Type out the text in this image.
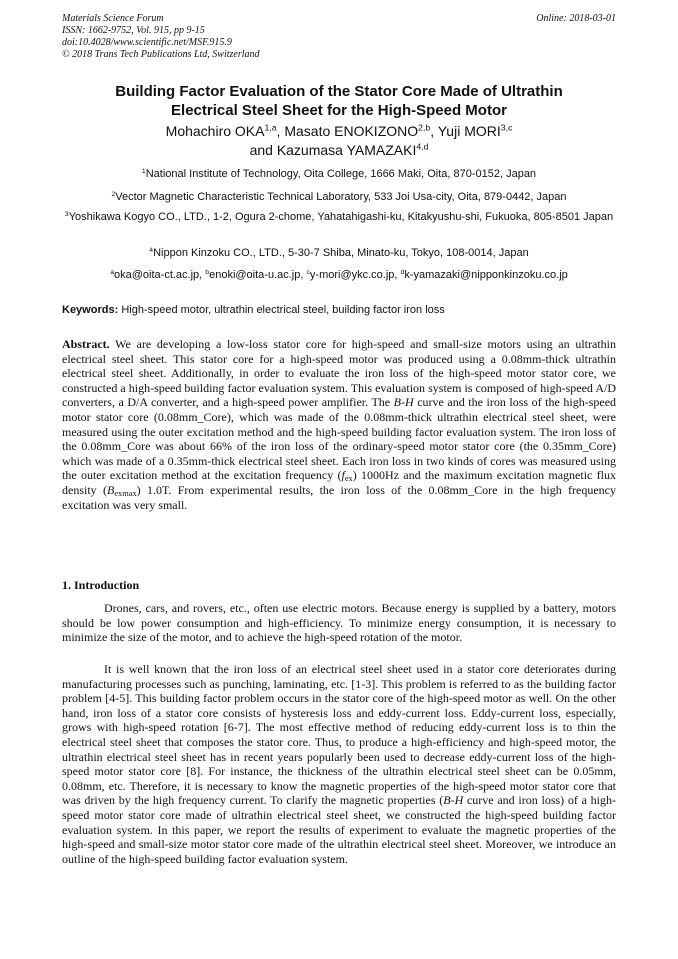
Materials Science Forum	Online: 2018-03-01
ISSN: 1662-9752, Vol. 915, pp 9-15
doi:10.4028/www.scientific.net/MSF.915.9
© 2018 Trans Tech Publications Ltd, Switzerland
Building Factor Evaluation of the Stator Core Made of Ultrathin
Electrical Steel Sheet for the High-Speed Motor
Mohachiro OKA$^{1,a}$, Masato ENOKIZONO$^{2,b}$, Yuji MORI$^{3,c}$
and Kazumasa YAMAZAKI$^{4,d}$
$^1$National Institute of Technology, Oita College, 1666 Maki, Oita, 870-0152, Japan
$^2$Vector Magnetic Characteristic Technical Laboratory, 533 Joi Usa-city, Oita, 879-0442, Japan
$^3$Yoshikawa Kogyo CO., LTD., 1-2, Ogura 2-chome, Yahatahigashi-ku, Kitakyushu-shi, Fukuoka, 805-8501 Japan
$^4$Nippon Kinzoku CO., LTD., 5-30-7 Shiba, Minato-ku, Tokyo, 108-0014, Japan
$^a$oka@oita-ct.ac.jp, $^b$enoki@oita-u.ac.jp, $^c$y-mori@ykc.co.jp, $^d$k-yamazaki@nipponkinzoku.co.jp
Keywords: High-speed motor, ultrathin electrical steel, building factor iron loss
Abstract. We are developing a low-loss stator core for high-speed and small-size motors using an ultrathin electrical steel sheet. This stator core for a high-speed motor was produced using a 0.08mm-thick ultrathin electrical steel sheet. Additionally, in order to evaluate the iron loss of the high-speed motor stator core, we constructed a high-speed building factor evaluation system. This evaluation system is composed of high-speed A/D converters, a D/A converter, and a high-speed power amplifier. The B-H curve and the iron loss of the high-speed motor stator core (0.08mm_Core), which was made of the 0.08mm-thick ultrathin electrical steel sheet, were measured using the outer excitation method and the high-speed building factor evaluation system. The iron loss of the 0.08mm_Core was about 66% of the iron loss of the ordinary-speed motor stator core (the 0.35mm_Core) which was made of a 0.35mm-thick electrical steel sheet. Each iron loss in two kinds of cores was measured using the outer excitation method at the excitation frequency $(f_{ex})$ 1000Hz and the maximum excitation magnetic flux density $(B_{exmax})$ 1.0T. From experimental results, the iron loss of the 0.08mm_Core in the high frequency excitation was very small.
1. Introduction
Drones, cars, and rovers, etc., often use electric motors. Because energy is supplied by a battery, motors should be low power consumption and high-efficiency. To minimize energy consumption, it is necessary to minimize the size of the motor, and to achieve the high-speed rotation of the motor.
It is well known that the iron loss of an electrical steel sheet used in a stator core deteriorates during manufacturing processes such as punching, laminating, etc. [1-3]. This problem is referred to as the building factor problem [4-5]. This building factor problem occurs in the stator core of the high-speed motor as well. On the other hand, iron loss of a stator core consists of hysteresis loss and eddy-current loss. Eddy-current loss, especially, grows with high-speed rotation [6-7]. The most effective method of reducing eddy-current loss is to thin the electrical steel sheet that composes the stator core. Thus, to produce a high-efficiency and high-speed motor, the ultrathin electrical steel sheet has in recent years popularly been used to decrease eddy-current loss of the high-speed motor stator core [8]. For instance, the thickness of the ultrathin electrical steel sheet can be 0.05mm, 0.08mm, etc. Therefore, it is necessary to know the magnetic properties of the high-speed motor stator core that was driven by the high frequency current. To clarify the magnetic properties (B-H curve and iron loss) of a high-speed motor stator core made of ultrathin electrical steel sheet, we constructed the high-speed building factor evaluation system. In this paper, we report the results of experiment to evaluate the magnetic properties of the high-speed and small-size motor stator core made of the ultrathin electrical steel sheet. Moreover, we introduce an outline of the high-speed building factor evaluation system.
